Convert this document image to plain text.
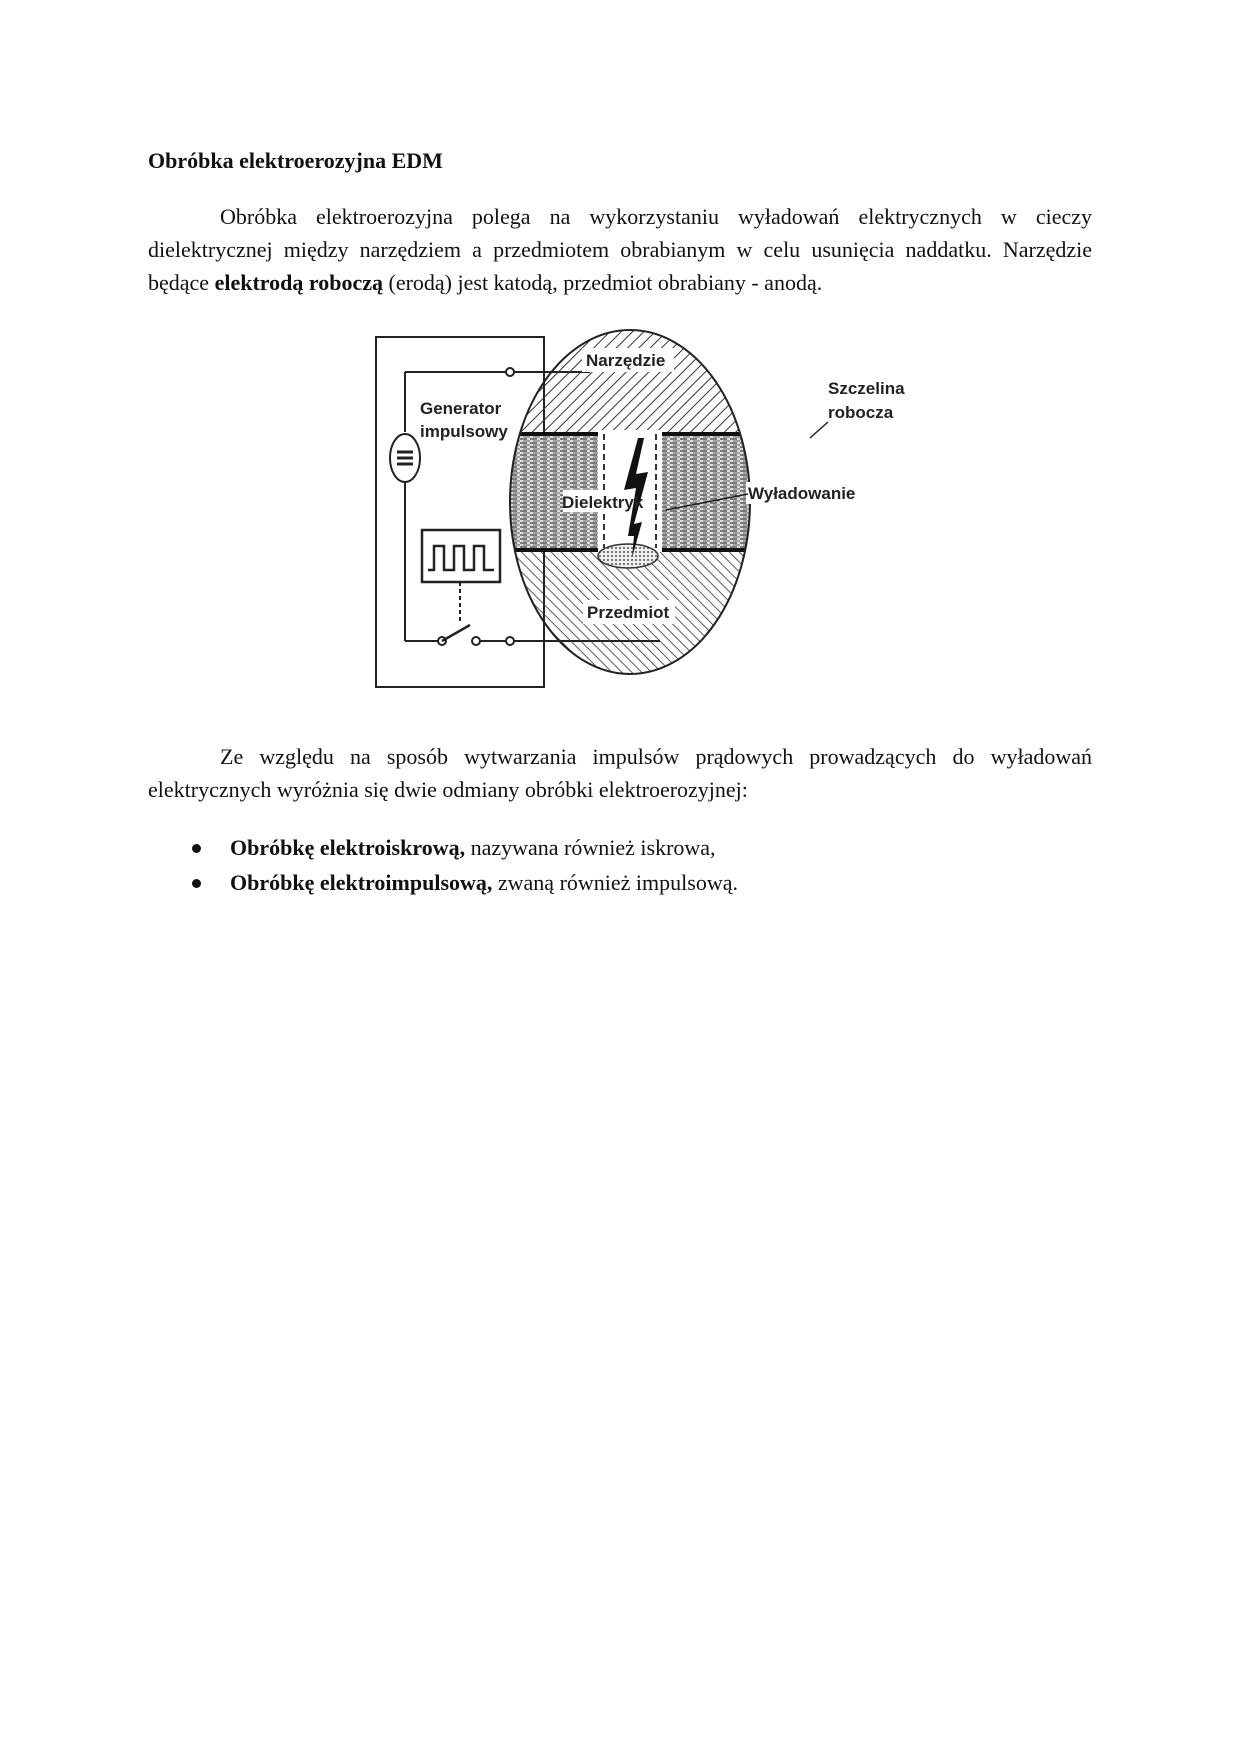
Obróbka elektroerozyjna EDM

Obróbka elektroerozyjna polega na wykorzystaniu wyładowań elektrycznych w cieczy dielektrycznej między narzędziem a przedmiotem obrabianym w celu usunięcia naddatku. Narzędzie będące elektrodą roboczą (erodą) jest katodą, przedmiot obrabiany - anodą.

Narzędzie
Przedmiot
Generator
impulsowy
Szczelina
robocza
Dielektryk	Wyładowanie

Ze względu na sposób wytwarzania impulsów prądowych prowadzących do wyładowań elektrycznych wyróżnia się dwie odmiany obróbki elektroerozyjnej:

Obróbkę elektroiskrową, nazywana również iskrowa,
Obróbkę elektroimpulsową, zwaną również impulsową.
